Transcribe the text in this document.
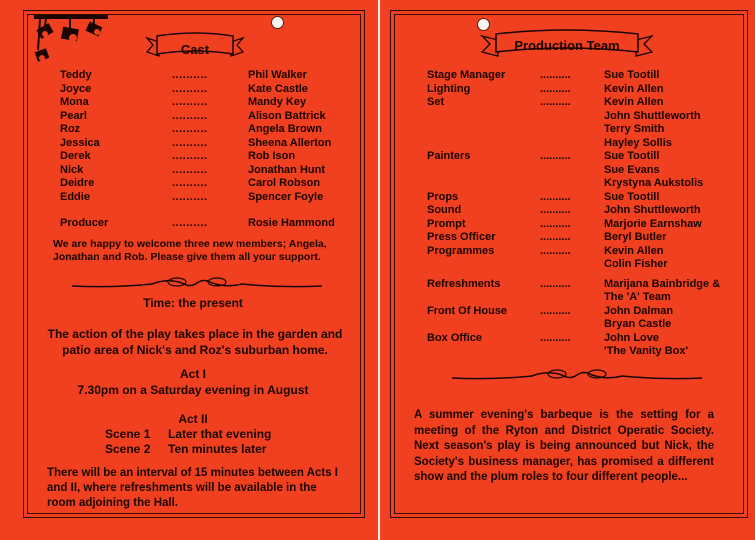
Cast
Teddy	..........	Phil Walker
Joyce	..........	Kate Castle
Mona	..........	Mandy Key
Pearl	..........	Alison Battrick
Roz	..........	Angela Brown
Jessica	..........	Sheena Allerton
Derek	..........	Rob Ison
Nick	..........	Jonathan Hunt
Deidre	..........	Carol Robson
Eddie	..........	Spencer Foyle
Producer	..........	Rosie Hammond
We are happy to welcome three new members; Angela, Jonathan and Rob. Please give them all your support.
Time: the present
The action of the play takes place in the garden and patio area of Nick's and Roz's suburban home.
Act I
7.30pm on a Saturday evening in August
Act II
Scene 1 Later that evening
Scene 2 Ten minutes later
There will be an interval of 15 minutes between Acts I and II, where refreshments will be available in the room adjoining the Hall.
Production Team
Stage Manager	..........	Sue Tootill
Lighting	..........	Kevin Allen
Set	..........	Kevin Allen
John Shuttleworth
Terry Smith
Hayley Sollis
Painters	..........	Sue Tootill
Sue Evans
Krystyna Aukstolis
Props	..........	Sue Tootill
Sound	..........	John Shuttleworth
Prompt	..........	Marjorie Earnshaw
Press Officer	..........	Beryl Butler
Programmes	..........	Kevin Allen
Colin Fisher
Refreshments	..........	Marijana Bainbridge &
The 'A' Team
Front Of House	..........	John Dalman
Bryan Castle
Box Office	..........	John Love
'The Vanity Box'
A summer evening's barbeque is the setting for a meeting of the Ryton and District Operatic Society. Next season's play is being announced but Nick, the Society's business manager, has promised a different show and the plum roles to four different people...
